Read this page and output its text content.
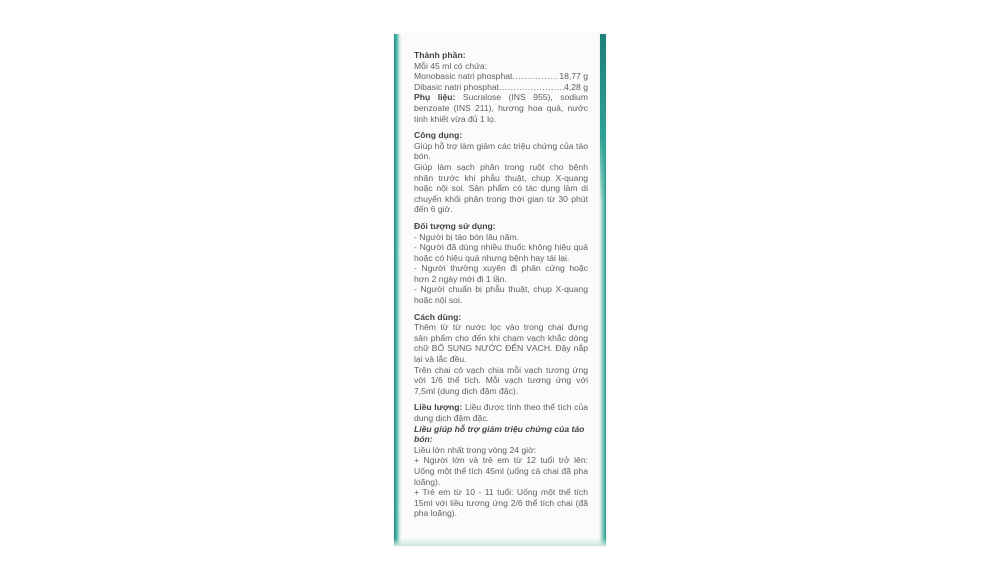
Thành phần:

Mỗi 45 ml có chứa:

Monobasic natri phosphat .....	18,77 g
Dibasic natri phosphat .....	4,28 g

Phụ liệu: Sucralose (INS 955), sodium benzoate (INS 211), hương hoa quả, nước tinh khiết vừa đủ 1 lọ.

Công dụng:

Giúp hỗ trợ làm giảm các triệu chứng của táo bón.

Giúp làm sạch phân trong ruột cho bệnh nhân trước khi phẫu thuật, chụp X-quang hoặc nội soi. Sản phẩm có tác dụng làm di chuyển khối phân trong thời gian từ 30 phút đến 6 giờ.

Đối tượng sử dụng:

- Người bị táo bón lâu năm.

- Người đã dùng nhiều thuốc không hiệu quả hoặc có hiệu quả nhưng bệnh hay tái lại.

- Người thường xuyên đi phân cứng hoặc hơn 2 ngày mới đi 1 lần.

- Người chuẩn bị phẫu thuật, chụp X-quang hoặc nội soi.

Cách dùng:

Thêm từ từ nước lọc vào trong chai đựng sản phẩm cho đến khi chạm vạch khắc dòng chữ BỔ SUNG NƯỚC ĐẾN VẠCH. Đậy nắp lại và lắc đều.

Trên chai có vạch chia mỗi vạch tương ứng với 1/6 thể tích. Mỗi vạch tương ứng với 7,5ml (dung dịch đậm đặc).

Liều lượng: Liều được tính theo thể tích của dung dịch đậm đặc.

Liều giúp hỗ trợ giảm triệu chứng của táo bón:

Liều lớn nhất trong vòng 24 giờ:

+ Người lớn và trẻ em từ 12 tuổi trở lên: Uống một thể tích 45ml (uống cả chai đã pha loãng).

+ Trẻ em từ 10 - 11 tuổi: Uống một thể tích 15ml với liều tương ứng 2/6 thể tích chai (đã pha loãng).
